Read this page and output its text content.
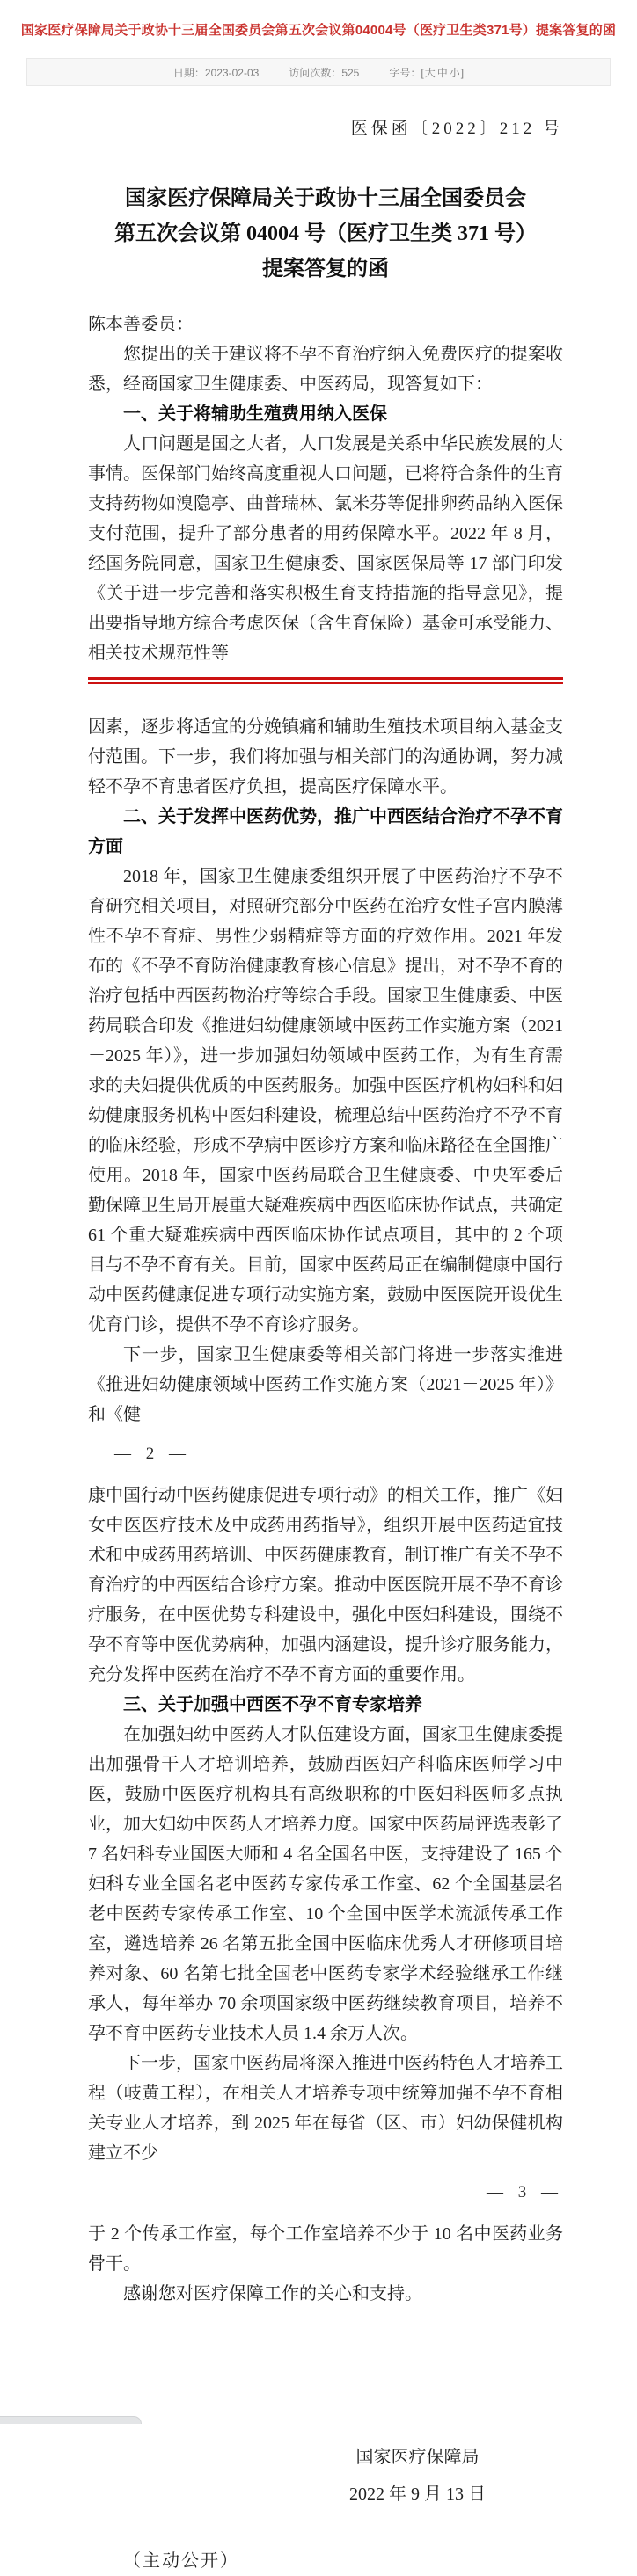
国家医疗保障局关于政协十三届全国委员会第五次会议第04004号（医疗卫生类371号）提案答复的函
日期：2023-02-03	访问次数：525	字号：[大 中 小]
医保函〔2022〕212 号
国家医疗保障局关于政协十三届全国委员会
第五次会议第 04004 号（医疗卫生类 371 号）
提案答复的函
陈本善委员：
您提出的关于建议将不孕不育治疗纳入免费医疗的提案收悉，经商国家卫生健康委、中医药局，现答复如下：
一、关于将辅助生殖费用纳入医保
人口问题是国之大者，人口发展是关系中华民族发展的大事情。医保部门始终高度重视人口问题，已将符合条件的生育支持药物如溴隐亭、曲普瑞林、氯米芬等促排卵药品纳入医保支付范围，提升了部分患者的用药保障水平。2022 年 8 月，经国务院同意，国家卫生健康委、国家医保局等 17 部门印发《关于进一步完善和落实积极生育支持措施的指导意见》，提出要指导地方综合考虑医保（含生育保险）基金可承受能力、相关技术规范性等
因素，逐步将适宜的分娩镇痛和辅助生殖技术项目纳入基金支付范围。下一步，我们将加强与相关部门的沟通协调，努力减轻不孕不育患者医疗负担，提高医疗保障水平。
二、关于发挥中医药优势，推广中西医结合治疗不孕不育方面
2018 年，国家卫生健康委组织开展了中医药治疗不孕不育研究相关项目，对照研究部分中医药在治疗女性子宫内膜薄性不孕不育症、男性少弱精症等方面的疗效作用。2021 年发布的《不孕不育防治健康教育核心信息》提出，对不孕不育的治疗包括中西医药物治疗等综合手段。国家卫生健康委、中医药局联合印发《推进妇幼健康领域中医药工作实施方案（2021－2025 年）》，进一步加强妇幼领域中医药工作，为有生育需求的夫妇提供优质的中医药服务。加强中医医疗机构妇科和妇幼健康服务机构中医妇科建设，梳理总结中医药治疗不孕不育的临床经验，形成不孕病中医诊疗方案和临床路径在全国推广使用。2018 年，国家中医药局联合卫生健康委、中央军委后勤保障卫生局开展重大疑难疾病中西医临床协作试点，共确定 61 个重大疑难疾病中西医临床协作试点项目，其中的 2 个项目与不孕不育有关。目前，国家中医药局正在编制健康中国行动中医药健康促进专项行动实施方案，鼓励中医医院开设优生优育门诊，提供不孕不育诊疗服务。
下一步，国家卫生健康委等相关部门将进一步落实推进《推进妇幼健康领域中医药工作实施方案（2021－2025 年）》和《健
— 2 —
康中国行动中医药健康促进专项行动》的相关工作，推广《妇女中医医疗技术及中成药用药指导》，组织开展中医药适宜技术和中成药用药培训、中医药健康教育，制订推广有关不孕不育治疗的中西医结合诊疗方案。推动中医医院开展不孕不育诊疗服务，在中医优势专科建设中，强化中医妇科建设，围绕不孕不育等中医优势病种，加强内涵建设，提升诊疗服务能力，充分发挥中医药在治疗不孕不育方面的重要作用。
三、关于加强中西医不孕不育专家培养
在加强妇幼中医药人才队伍建设方面，国家卫生健康委提出加强骨干人才培训培养，鼓励西医妇产科临床医师学习中医，鼓励中医医疗机构具有高级职称的中医妇科医师多点执业，加大妇幼中医药人才培养力度。国家中医药局评选表彰了 7 名妇科专业国医大师和 4 名全国名中医，支持建设了 165 个妇科专业全国名老中医药专家传承工作室、62 个全国基层名老中医药专家传承工作室、10 个全国中医学术流派传承工作室，遴选培养 26 名第五批全国中医临床优秀人才研修项目培养对象、60 名第七批全国老中医药专家学术经验继承工作继承人，每年举办 70 余项国家级中医药继续教育项目，培养不孕不育中医药专业技术人员 1.4 余万人次。
下一步，国家中医药局将深入推进中医药特色人才培养工程（岐黄工程），在相关人才培养专项中统筹加强不孕不育相关专业人才培养，到 2025 年在每省（区、市）妇幼保健机构建立不少
— 3 —
于 2 个传承工作室，每个工作室培养不少于 10 名中医药业务骨干。
感谢您对医疗保障工作的关心和支持。
国家医疗保障局
2022 年 9 月 13 日
（主动公开）
